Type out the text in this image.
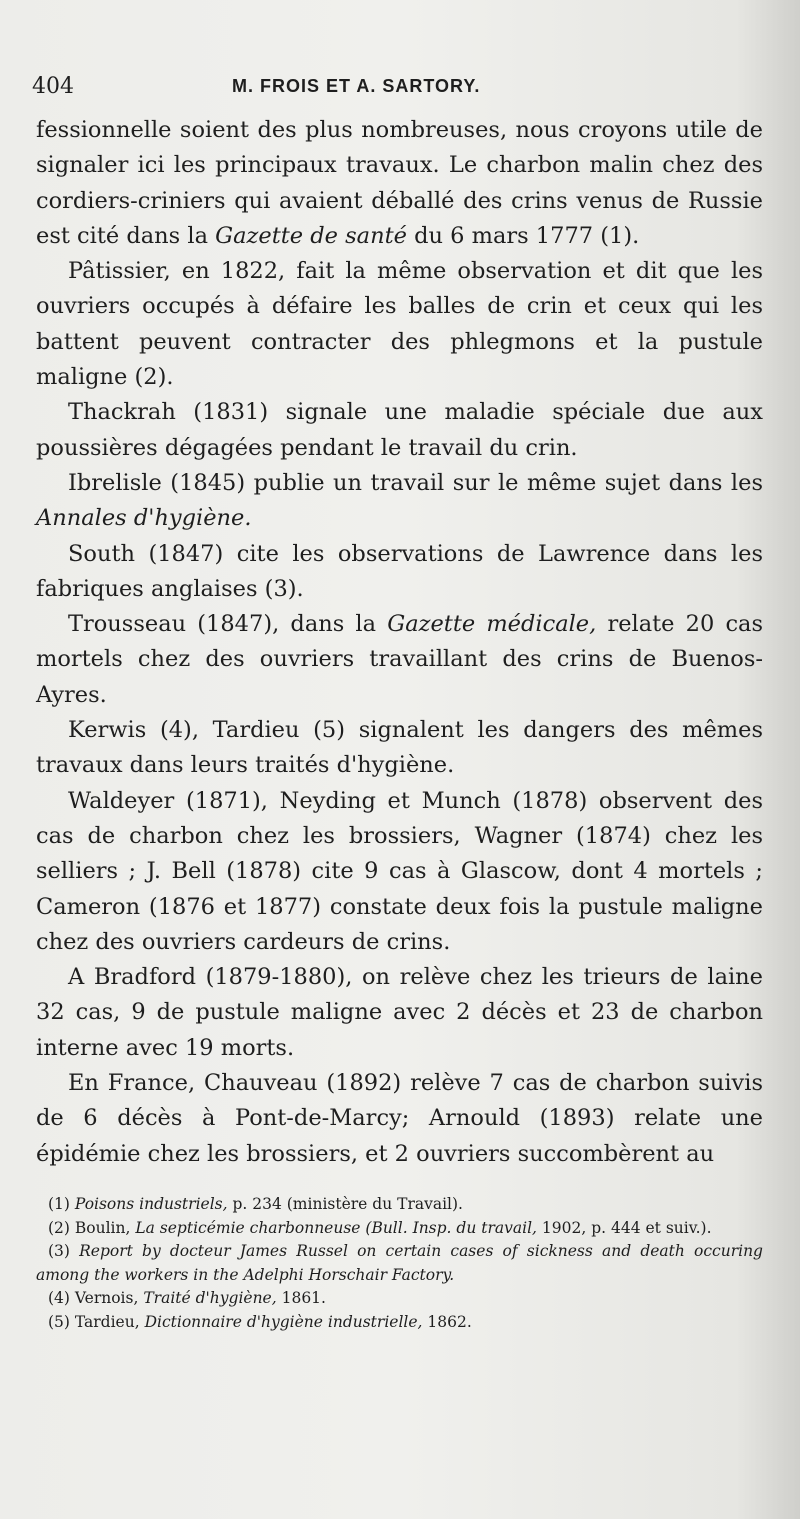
404	M. FROIS ET A. SARTORY.

fessionnelle soient des plus nombreuses, nous croyons utile de signaler ici les principaux travaux. Le charbon malin chez des cordiers-criniers qui avaient déballé des crins venus de Russie est cité dans la Gazette de santé du 6 mars 1777 (1).

Pâtissier, en 1822, fait la même observation et dit que les ouvriers occupés à défaire les balles de crin et ceux qui les battent peuvent contracter des phlegmons et la pustule maligne (2).

Thackrah (1831) signale une maladie spéciale due aux poussières dégagées pendant le travail du crin.

Ibrelisle (1845) publie un travail sur le même sujet dans les Annales d'hygiène.

South (1847) cite les observations de Lawrence dans les fabriques anglaises (3).

Trousseau (1847), dans la Gazette médicale, relate 20 cas mortels chez des ouvriers travaillant des crins de Buenos-Ayres.

Kerwis (4), Tardieu (5) signalent les dangers des mêmes travaux dans leurs traités d'hygiène.

Waldeyer (1871), Neyding et Munch (1878) observent des cas de charbon chez les brossiers, Wagner (1874) chez les selliers ; J. Bell (1878) cite 9 cas à Glascow, dont 4 mortels ; Cameron (1876 et 1877) constate deux fois la pustule maligne chez des ouvriers cardeurs de crins.

A Bradford (1879-1880), on relève chez les trieurs de laine 32 cas, 9 de pustule maligne avec 2 décès et 23 de charbon interne avec 19 morts.

En France, Chauveau (1892) relève 7 cas de charbon suivis de 6 décès à Pont-de-Marcy; Arnould (1893) relate une épidémie chez les brossiers, et 2 ouvriers succombèrent au

(1) Poisons industriels, p. 234 (ministère du Travail).

(2) Boulin, La septicémie charbonneuse (Bull. Insp. du travail, 1902, p. 444 et suiv.).

(3) Report by docteur James Russel on certain cases of sickness and death occuring among the workers in the Adelphi Horschair Factory.

(4) Vernois, Traité d'hygiène, 1861.

(5) Tardieu, Dictionnaire d'hygiène industrielle, 1862.
